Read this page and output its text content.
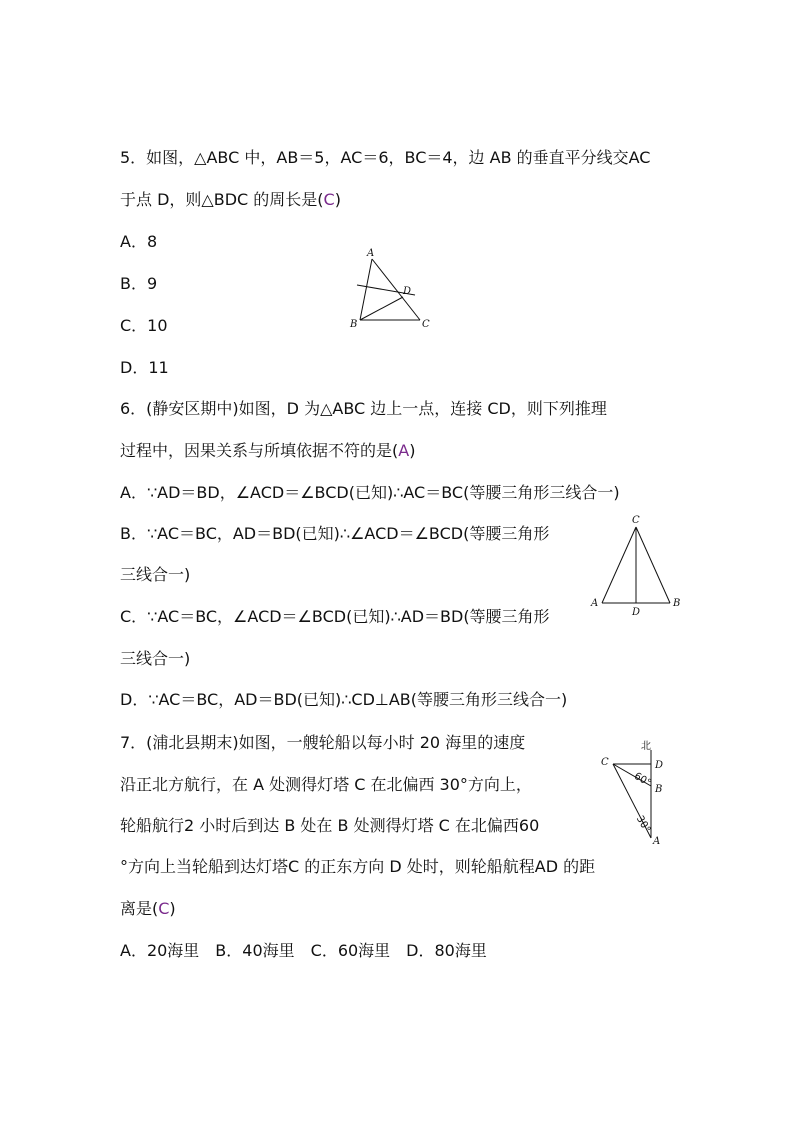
5．如图，△ABC 中，AB＝5，AC＝6，BC＝4，边 AB 的垂直平分线交AC
于点 D，则△BDC 的周长是(C)
A．8
B．9
C．10
D．11
A
D
B	C
6．(静安区期中)如图，D 为△ABC 边上一点，连接 CD，则下列推理
过程中，因果关系与所填依据不符的是(A)
A．∵AD＝BD，∠ACD＝∠BCD(已知)∴AC＝BC(等腰三角形三线合一)
B．∵AC＝BC，AD＝BD(已知)∴∠ACD＝∠BCD(等腰三角形
三线合一)
C．∵AC＝BC，∠ACD＝∠BCD(已知)∴AD＝BD(等腰三角形
三线合一)
D．∵AC＝BC，AD＝BD(已知)∴CD⊥AB(等腰三角形三线合一)
C
A	B
D
7．(浦北县期末)如图，一艘轮船以每小时 20 海里的速度
沿正北方航行，在 A 处测得灯塔 C 在北偏西 30°方向上，
轮船航行2 小时后到达 B 处在 B 处测得灯塔 C 在北偏西60
°方向上当轮船到达灯塔C 的正东方向 D 处时，则轮船航程AD 的距
离是(C)
A．20海里　B．40海里　C．60海里　D．80海里
北
C	D
B
A
60°
30°
